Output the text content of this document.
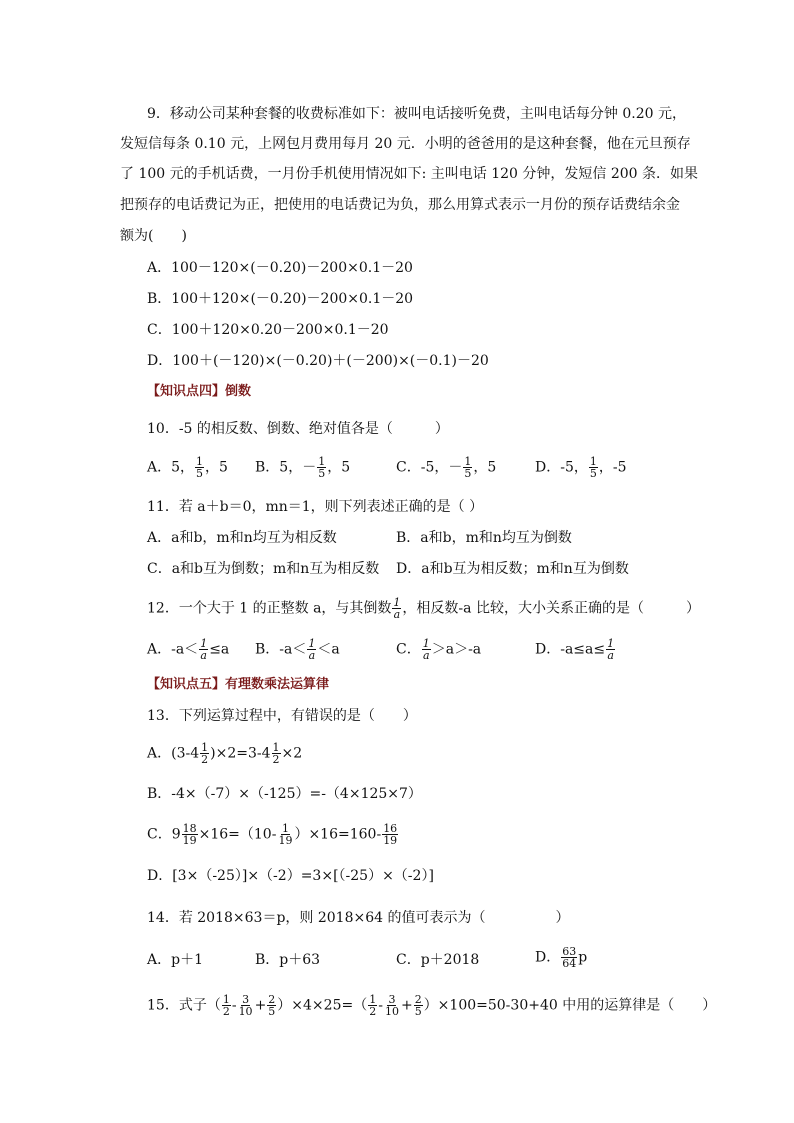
9．移动公司某种套餐的收费标准如下：被叫电话接听免费，主叫电话每分钟 0.20 元，
发短信每条 0.10 元，上网包月费用每月 20 元．小明的爸爸用的是这种套餐，他在元旦预存
了 100 元的手机话费，一月份手机使用情况如下: 主叫电话 120 分钟，发短信 200 条．如果
把预存的电话费记为正，把使用的电话费记为负，那么用算式表示一月份的预存话费结余金
额为(　　)
A．100－120×(－0.20)－200×0.1－20
B．100＋120×(－0.20)－200×0.1－20
C．100＋120×0.20－200×0.1－20
D．100＋(－120)×(－0.20)＋(－200)×(－0.1)－20
【知识点四】倒数
10．-5 的相反数、倒数、绝对值各是（　　　）
A．5， $\frac{1}{5}$ ，5 B．5，－ $\frac{1}{5}$ ，5	C．-5，－ $\frac{1}{5}$ ，5	D．-5， $\frac{1}{5}$ ，-5
11．若 a＋b＝0，mn＝1，则下列表述正确的是（ ）
A．a和b，m和n均互为相反数	B．a和b，m和n均互为倒数
C．a和b互为倒数；m和n互为相反数 D．a和b互为相反数；m和n互为倒数
12．一个大于 1 的正整数 a，与其倒数 $\frac{1}{a}$ ，相反数-a 比较，大小关系正确的是（　　　）
A．$-a< \frac{1}{a} \le a$ B．$-a< \frac{1}{a} <a$	C． $\frac{1}{a} >a>-a$	D．$-a\le a\le \frac{1}{a}$
【知识点五】有理数乘法运算律
13．下列运算过程中，有错误的是（　　）
A．$(3-4 \frac{1}{2} )\times 2=3-4 \frac{1}{2} \times 2$
B．-4×（-7）×（-125）=-（4×125×7）
C．$9 \frac{18}{19} \times 16=(10- \frac{1}{19} )\times 16=160- \frac{16}{19}$
D．[3×（-25）]×（-2）=3×[（-25）×（-2）]
14．若 2018×63＝p，则 2018×64 的值可表示为（　　　　　）
A．p＋1	B．p＋63	C．p＋2018	D． $\frac{63}{64}$ p
15．式子（ $\frac{1}{2} - \frac{3}{10} + \frac{2}{5} )\times 4\times 25=( \frac{1}{2} - \frac{3}{10} + \frac{2}{5} )\times 100=50-30+40$ 中用的运算律是（　　）
